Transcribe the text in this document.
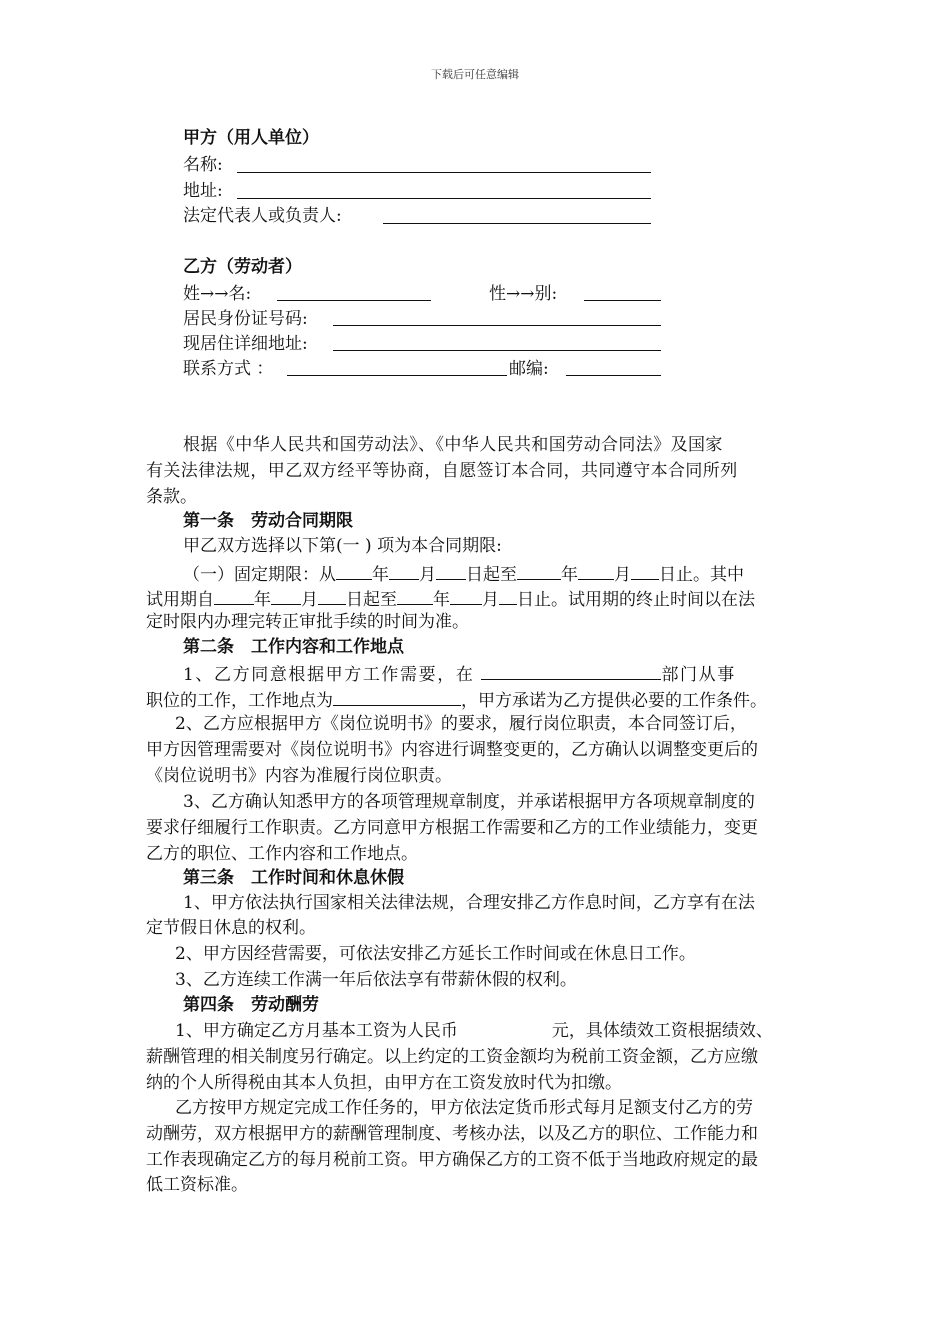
下载后可任意编辑
甲方（用人单位）
名称:
地址:
法定代表人或负责人:
乙方（劳动者）
姓→→名:	性→→别:
居民身份证号码:
现居住详细地址:
联系方式 ：	邮编:
根据《中华人民共和国劳动法》、《中华人民共和国劳动合同法》及国家
有关法律法规，甲乙双方经平等协商，自愿签订本合同，共同遵守本合同所列
条款。
第一条　劳动合同期限
甲乙双方选择以下第(一 ) 项为本合同期限:
（一）固定期限：从 年 月 日起至	年 月 日止。其中
试用期自 年 月 日起至 年 月 日止。试用期的终止时间以在法
定时限内办理完转正审批手续的时间为准。
第二条　工作内容和工作地点
1、乙方同意根据甲方工作需要，在	部门从事
职位的工作，工作地点为	，甲方承诺为乙方提供必要的工作条件。
2、乙方应根据甲方《岗位说明书》的要求，履行岗位职责，本合同签订后，
甲方因管理需要对《岗位说明书》内容进行调整变更的，乙方确认以调整变更后的
《岗位说明书》内容为准履行岗位职责。
3、乙方确认知悉甲方的各项管理规章制度，并承诺根据甲方各项规章制度的
要求仔细履行工作职责。乙方同意甲方根据工作需要和乙方的工作业绩能力，变更
乙方的职位、工作内容和工作地点。
第三条　工作时间和休息休假
1、甲方依法执行国家相关法律法规，合理安排乙方作息时间，乙方享有在法
定节假日休息的权利。
2、甲方因经营需要，可依法安排乙方延长工作时间或在休息日工作。
3、乙方连续工作满一年后依法享有带薪休假的权利。
第四条　劳动酬劳
1、甲方确定乙方月基本工资为人民币	元，具体绩效工资根据绩效、
薪酬管理的相关制度另行确定。以上约定的工资金额均为税前工资金额，乙方应缴
纳的个人所得税由其本人负担，由甲方在工资发放时代为扣缴。
乙方按甲方规定完成工作任务的，甲方依法定货币形式每月足额支付乙方的劳
动酬劳，双方根据甲方的薪酬管理制度、考核办法，以及乙方的职位、工作能力和
工作表现确定乙方的每月税前工资。甲方确保乙方的工资不低于当地政府规定的最
低工资标准。
